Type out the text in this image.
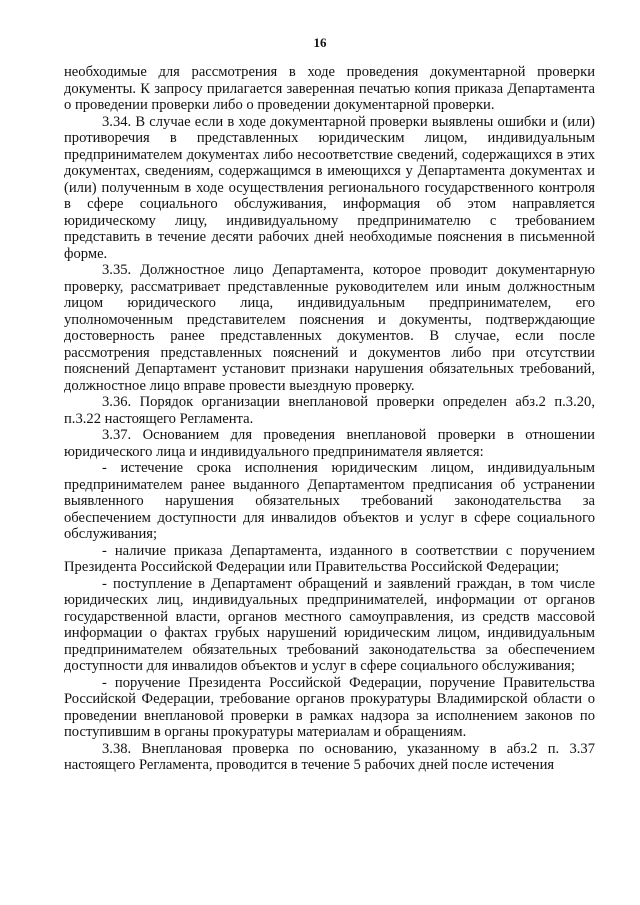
16

необходимые для рассмотрения в ходе проведения документарной проверки документы. К запросу прилагается заверенная печатью копия приказа Департамента о проведении проверки либо о проведении документарной проверки.

3.34. В случае если в ходе документарной проверки выявлены ошибки и (или) противоречия в представленных юридическим лицом, индивидуальным предпринимателем документах либо несоответствие сведений, содержащихся в этих документах, сведениям, содержащимся в имеющихся у Департамента документах и (или) полученным в ходе осуществления регионального государственного контроля в сфере социального обслуживания, информация об этом направляется юридическому лицу, индивидуальному предпринимателю с требованием представить в течение десяти рабочих дней необходимые пояснения в письменной форме.

3.35. Должностное лицо Департамента, которое проводит документарную проверку, рассматривает представленные руководителем или иным должностным лицом юридического лица, индивидуальным предпринимателем, его уполномоченным представителем пояснения и документы, подтверждающие достоверность ранее представленных документов. В случае, если после рассмотрения представленных пояснений и документов либо при отсутствии пояснений Департамент установит признаки нарушения обязательных требований, должностное лицо вправе провести выездную проверку.

3.36. Порядок организации внеплановой проверки определен абз.2 п.3.20, п.3.22 настоящего Регламента.

3.37. Основанием для проведения внеплановой проверки в отношении юридического лица и индивидуального предпринимателя является:

- истечение срока исполнения юридическим лицом, индивидуальным предпринимателем ранее выданного Департаментом предписания об устранении выявленного нарушения обязательных требований законодательства за обеспечением доступности для инвалидов объектов и услуг в сфере социального обслуживания;

- наличие приказа Департамента, изданного в соответствии с поручением Президента Российской Федерации или Правительства Российской Федерации;

- поступление в Департамент обращений и заявлений граждан, в том числе юридических лиц, индивидуальных предпринимателей, информации от органов государственной власти, органов местного самоуправления, из средств массовой информации о фактах грубых нарушений юридическим лицом, индивидуальным предпринимателем обязательных требований законодательства за обеспечением доступности для инвалидов объектов и услуг в сфере социального обслуживания;

- поручение Президента Российской Федерации, поручение Правительства Российской Федерации, требование органов прокуратуры Владимирской области о проведении внеплановой проверки в рамках надзора за исполнением законов по поступившим в органы прокуратуры материалам и обращениям.

3.38. Внеплановая проверка по основанию, указанному в абз.2 п. 3.37 настоящего Регламента, проводится в течение 5 рабочих дней после истечения
